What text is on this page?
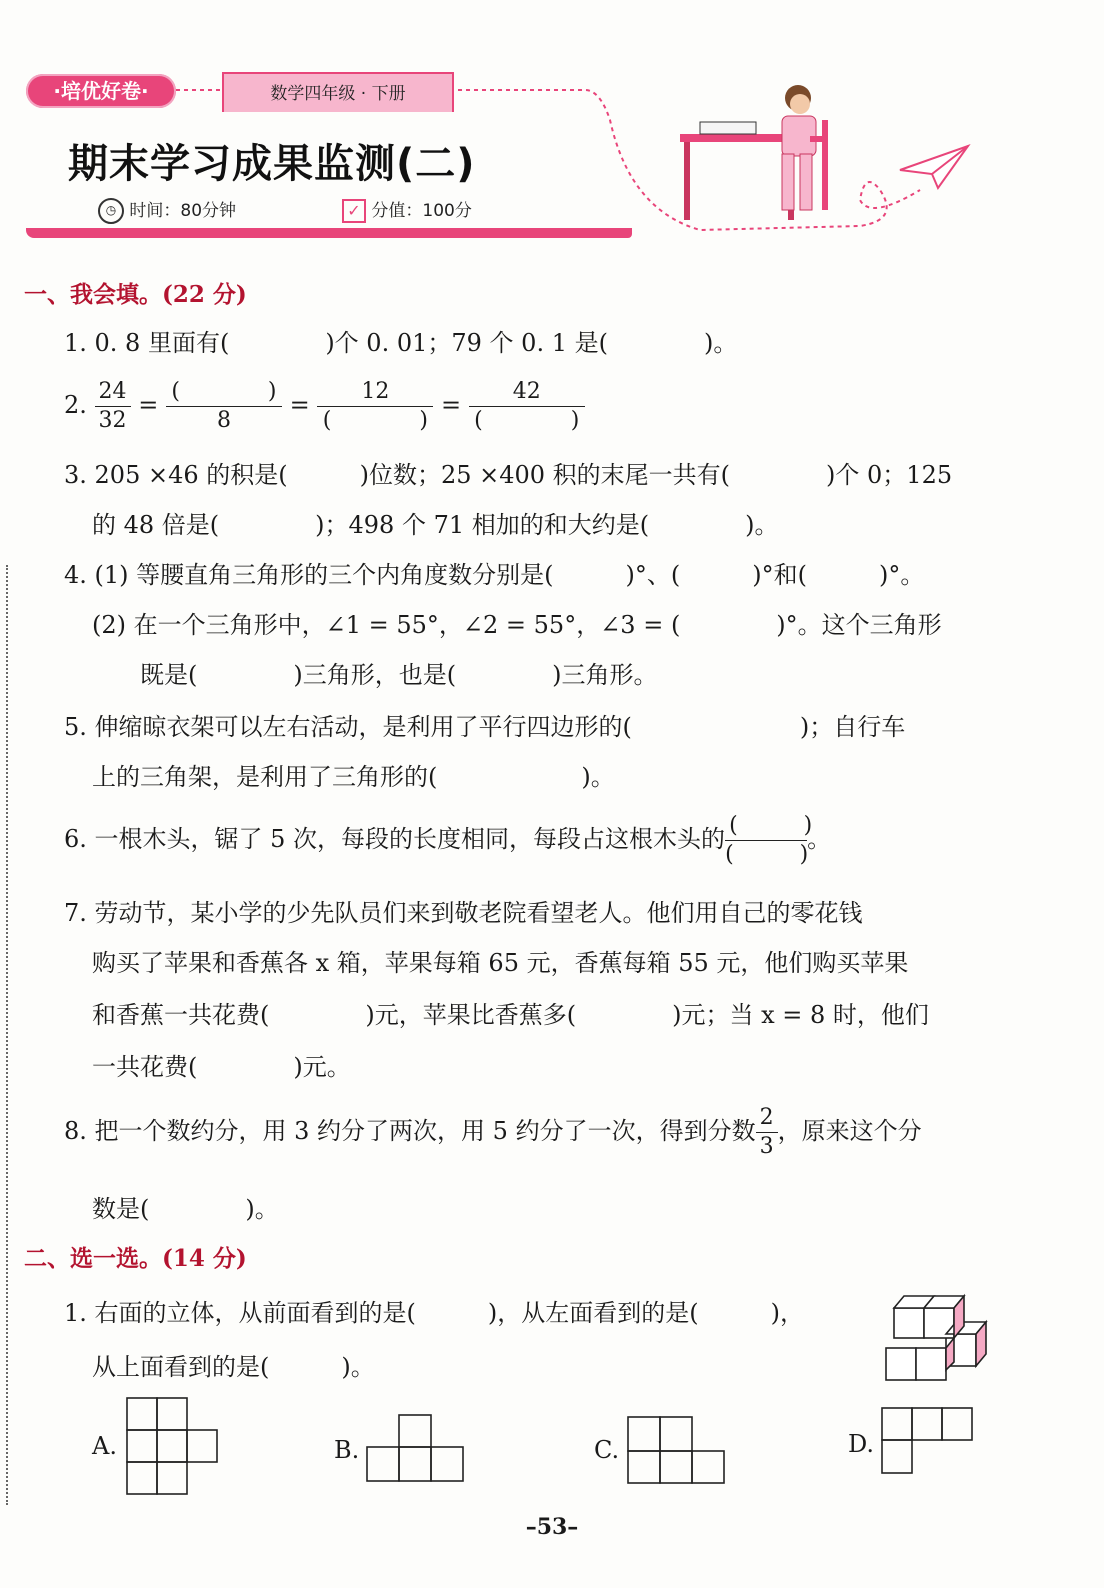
·培优好卷·	数学四年级 · 下册
期末学习成果监测(二)
◷ 时间：80分钟	✓ 分值：100分
一、我会填。(22 分)
1. 0. 8 里面有(　　　　)个 0. 01；79 个 0. 1 是(　　　　)。
2. $\frac{24}{32} = \frac{( )}{8} = \frac{12}{( )} = \frac{42}{( )}$
3. 205 ×46 的积是(　　　)位数；25 ×400 积的末尾一共有(　　　　)个 0；125
的 48 倍是(　　　　)；498 个 71 相加的和大约是(　　　　)。
4. (1) 等腰直角三角形的三个内角度数分别是(　　　)°、(　　　)°和(　　　)°。
(2) 在一个三角形中，∠1 = 55°，∠2 = 55°，∠3 = (　　　　)°。这个三角形
既是(　　　　)三角形，也是(　　　　)三角形。
5. 伸缩晾衣架可以左右活动，是利用了平行四边形的(　　　　　　　)；自行车
上的三角架，是利用了三角形的(　　　　　　)。
6. 一根木头，锯了 5 次，每段的长度相同，每段占这根木头的 $\frac{( )}{( )}$ 。
7. 劳动节，某小学的少先队员们来到敬老院看望老人。他们用自己的零花钱
购买了苹果和香蕉各 x 箱，苹果每箱 65 元，香蕉每箱 55 元，他们购买苹果
和香蕉一共花费(　　　　)元，苹果比香蕉多(　　　　)元；当 x = 8 时，他们
一共花费(　　　　)元。
8. 把一个数约分，用 3 约分了两次，用 5 约分了一次，得到分数 $\frac{2}{3}$ ，原来这个分
数是(　　　　)。
二、选一选。(14 分)
1. 右面的立体，从前面看到的是(　　　)，从左面看到的是(　　　)，
从上面看到的是(　　　)。
A.	B.	C.	D.
–53–
